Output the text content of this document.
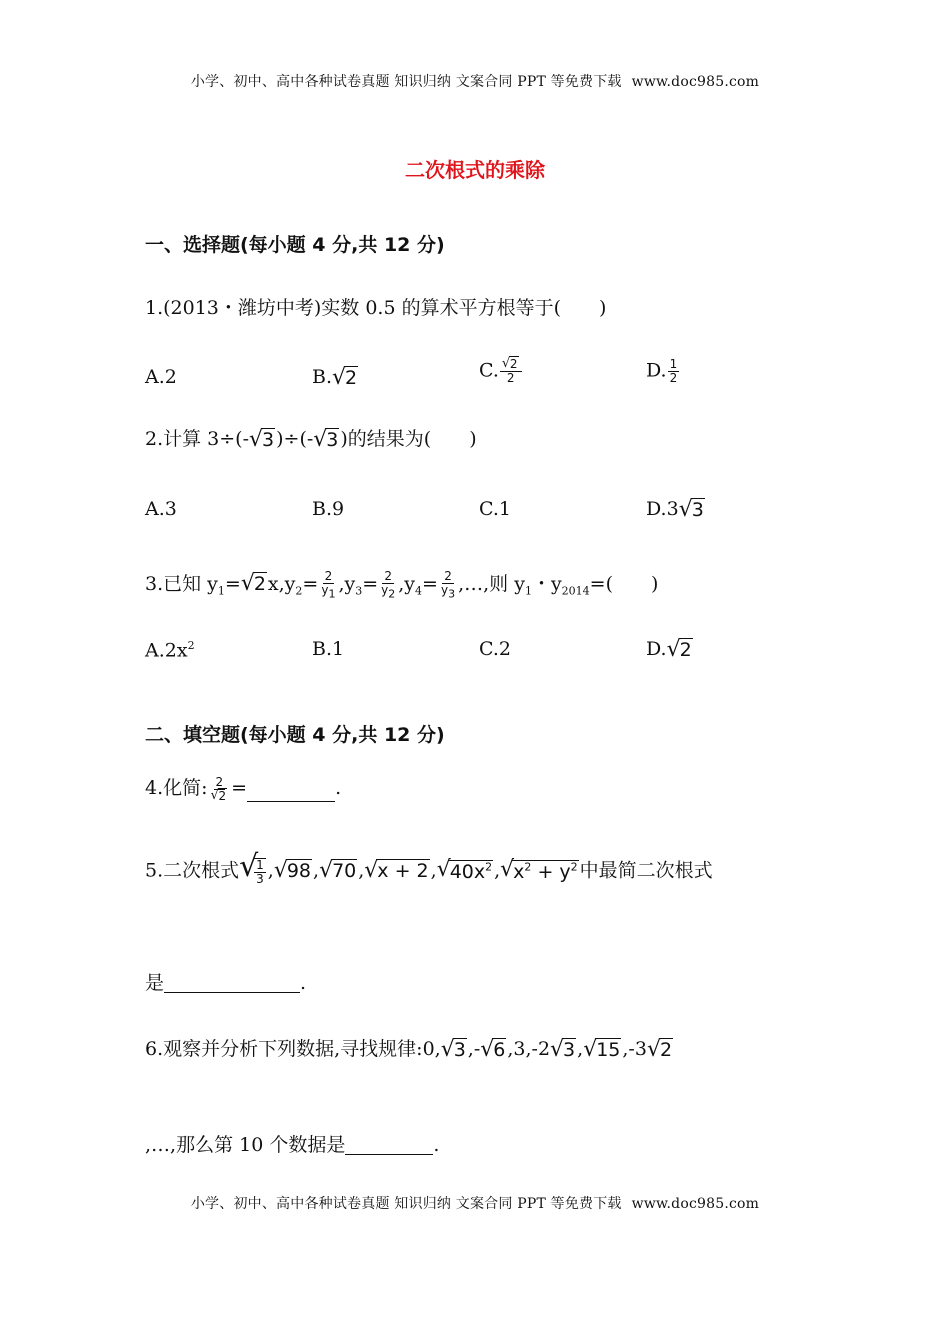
小学、初中、高中各种试卷真题 知识归纳 文案合同 PPT 等免费下载 www.doc985.com
二次根式的乘除
一、选择题(每小题 4 分,共 12 分)
1.(2013・潍坊中考)实数 0.5 的算术平方根等于(　　)
A.2	B. √
2	C. $\frac{√ 2}{2}$	D. $\frac{1}{2}$
2.计算 3÷(- √
3 )÷(- √
3 )的结果为(　　)
A.3	B.9	C.1	D.3 √
3
3.已知 $y_1=$ √
2 $x,y_2= \frac{2}{y_1} ,y_3= \frac{2}{y_2} ,y_4= \frac{2}{y_3}$ ,…,则 $y_1$・$y_{2014}=$(　　)
$A.2x^2$	B.1	C.2	D. √
2
二、填空题(每小题 4 分,共 12 分)
4.化简: $\frac{2}{√ 2}$ =	.
5.二次根式 √
$\frac{1}{3}$ , √
98 , √
70 , √
x + 2 , √
$40x^2$ , √
$x^2 + y^2$ 中最简二次根式
是	.
6.观察并分析下列数据,寻找规律:0, √
3 ,- √
6 ,3,-2 √
3 , √
15 ,-3 √
2
,…,那么第 10 个数据是	.
小学、初中、高中各种试卷真题 知识归纳 文案合同 PPT 等免费下载 www.doc985.com
